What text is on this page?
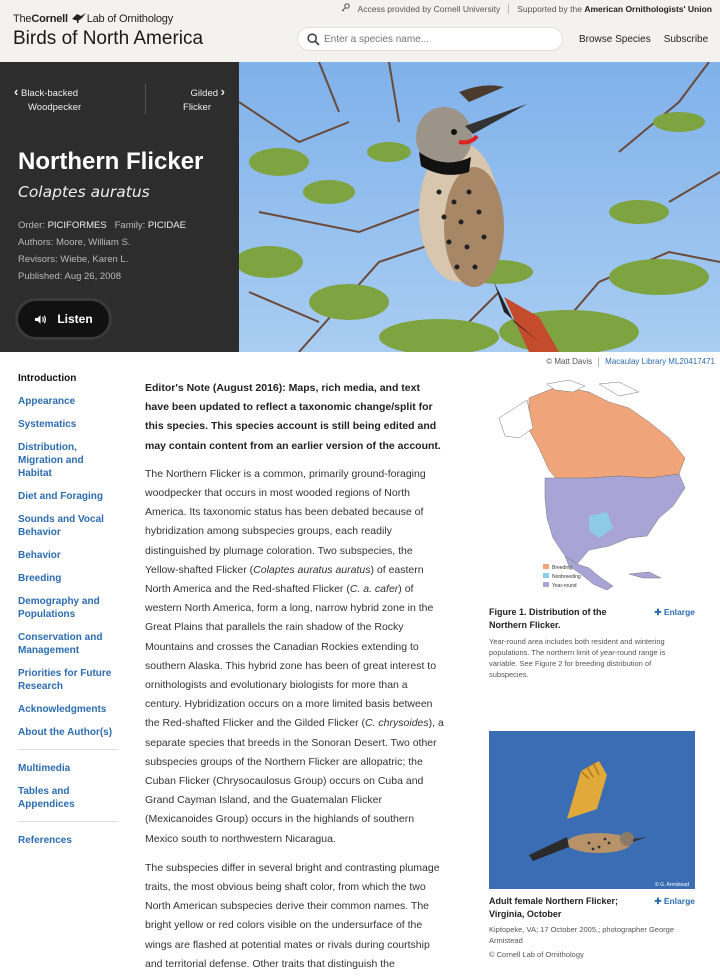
TheCornell Lab of Ornithology
Birds of North America
Access provided by Cornell University Supported by the American Ornithologists' Union
Enter a species name...
Browse Species Subscribe
‹ Black-backed
Woodpecker
Gilded ›
Flicker
Northern Flicker
Colaptes auratus
Order: PICIFORMES Family: PICIDAE
Authors: Moore, William S.
Revisors: Wiebe, Karen L.
Published: Aug 26, 2008
Listen
© Matt Davis Macaulay Library ML20417471
Introduction
Appearance
Systematics
Distribution, Migration and Habitat
Diet and Foraging
Sounds and Vocal Behavior
Behavior
Breeding
Demography and Populations
Conservation and Management
Priorities for Future Research
Acknowledgments
About the Author(s)
Multimedia
Tables and Appendices
References

Editor's Note (August 2016): Maps, rich media, and text have been updated to reflect a taxonomic change/split for this species. This species account is still being edited and may contain content from an earlier version of the account.

The Northern Flicker is a common, primarily ground-foraging woodpecker that occurs in most wooded regions of North America. Its taxonomic status has been debated because of hybridization among subspecies groups, each readily distinguished by plumage coloration. Two subspecies, the Yellow-shafted Flicker (Colaptes auratus auratus) of eastern North America and the Red-shafted Flicker (C. a. cafer) of western North America, form a long, narrow hybrid zone in the Great Plains that parallels the rain shadow of the Rocky Mountains and crosses the Canadian Rockies extending to southern Alaska. This hybrid zone has been of great interest to ornithologists and evolutionary biologists for more than a century. Hybridization occurs on a more limited basis between the Red-shafted Flicker and the Gilded Flicker (C. chrysoides), a separate species that breeds in the Sonoran Desert. Two other subspecies groups of the Northern Flicker are allopatric; the Cuban Flicker (Chrysocaulosus Group) occurs on Cuba and Grand Cayman Island, and the Guatemalan Flicker (Mexicanoides Group) occurs in the highlands of southern Mexico south to northwestern Nicaragua.

The subspecies differ in several bright and contrasting plumage traits, the most obvious being shaft color, from which the two North American subspecies derive their common names. The bright yellow or red colors visible on the undersurface of the wings are flashed at potential mates or rivals during courtship and territorial defense. Other traits that distinguish the

Breeding
Nonbreeding
Year-round
Figure 1. Distribution of the Northern Flicker.
✚ Enlarge
Year-round area includes both resident and wintering populations. The northern limit of year-round range is variable. See Figure 2 for breeding distribution of subspecies.
© G. Armistead
Adult female Northern Flicker; Virginia, October
✚ Enlarge
Kiptopeke, VA; 17 October 2005,; photographer George Armistead
© Cornell Lab of Ornithology
